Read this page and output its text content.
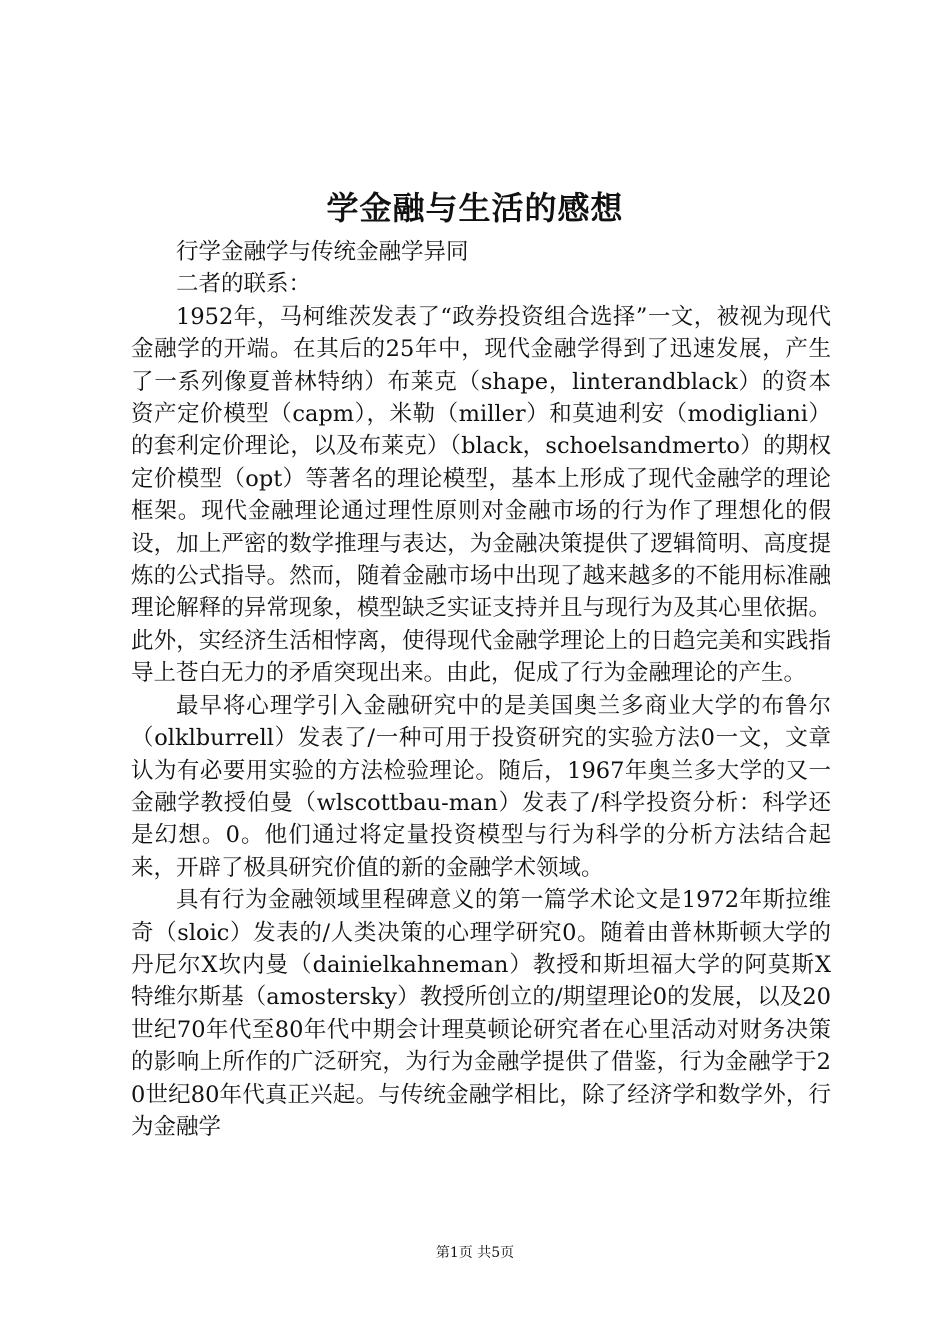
学金融与生活的感想

行学金融学与传统金融学异同

二者的联系：

1952年，马柯维茨发表了“政券投资组合选择”一文，被视为现代金融学的开端。在其后的25年中，现代金融学得到了迅速发展，产生了一系列像夏普林特纳）布莱克（shape，linterandblack）的资本资产定价模型（capm），米勒（miller）和莫迪利安（modigliani）的套利定价理论，以及布莱克）（black，schoelsandmerto）的期权定价模型（opt）等著名的理论模型，基本上形成了现代金融学的理论框架。现代金融理论通过理性原则对金融市场的行为作了理想化的假设，加上严密的数学推理与表达，为金融决策提供了逻辑简明、高度提炼的公式指导。然而，随着金融市场中出现了越来越多的不能用标准融理论解释的异常现象，模型缺乏实证支持并且与现行为及其心里依据。此外，实经济生活相悖离，使得现代金融学理论上的日趋完美和实践指导上苍白无力的矛盾突现出来。由此，促成了行为金融理论的产生。

最早将心理学引入金融研究中的是美国奥兰多商业大学的布鲁尔（olklburrell）发表了/一种可用于投资研究的实验方法0一文，文章认为有必要用实验的方法检验理论。随后，1967年奥兰多大学的又一金融学教授伯曼（wlscottbau-man）发表了/科学投资分析：科学还是幻想。0。他们通过将定量投资模型与行为科学的分析方法结合起来，开辟了极具研究价值的新的金融学术领域。

具有行为金融领域里程碑意义的第一篇学术论文是1972年斯拉维奇（sloic）发表的/人类决策的心理学研究0。随着由普林斯顿大学的丹尼尔X坎内曼（dainielkahneman）教授和斯坦福大学的阿莫斯X特维尔斯基（amostersky）教授所创立的/期望理论0的发展，以及20世纪70年代至80年代中期会计理莫顿论研究者在心里活动对财务决策的影响上所作的广泛研究，为行为金融学提供了借鉴，行为金融学于20世纪80年代真正兴起。与传统金融学相比，除了经济学和数学外，行为金融学

第1页 共5页
